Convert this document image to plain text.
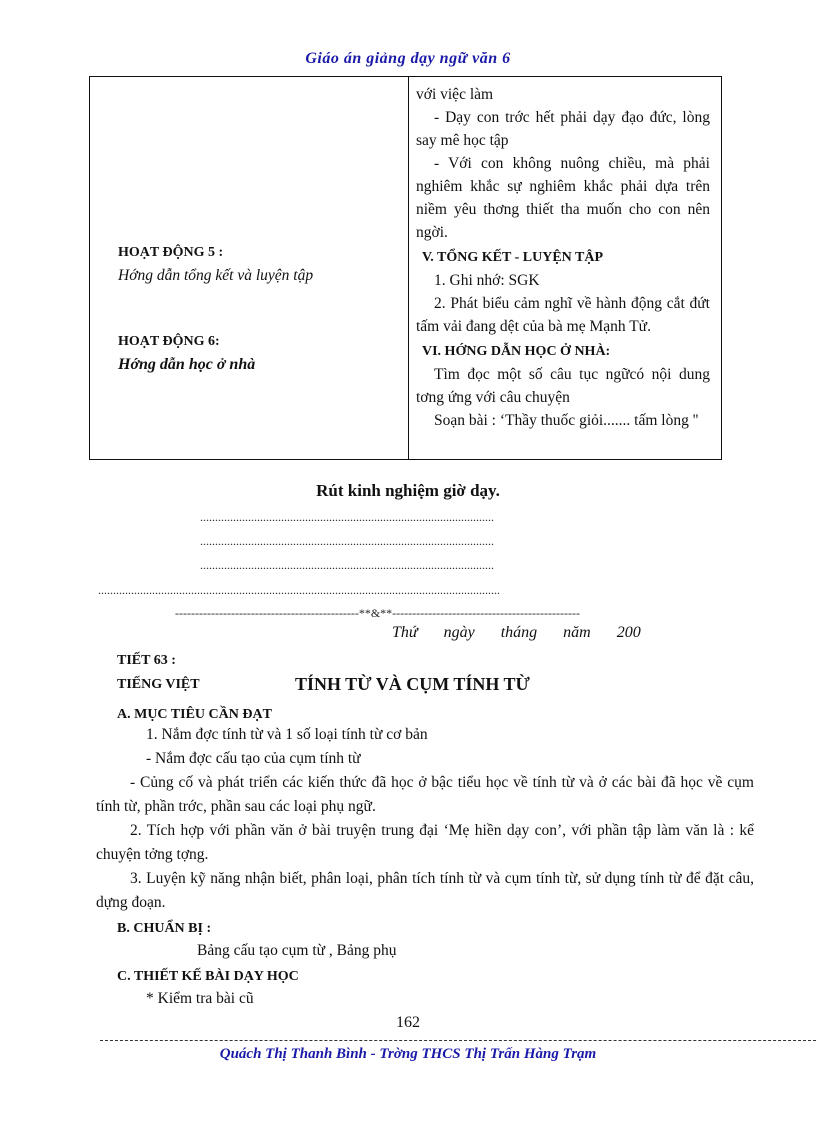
Giáo án giảng dạy ngữ văn 6
HOẠT ĐỘNG 5 :
Hớng dẫn tổng kết và luyện tập
HOẠT ĐỘNG 6:
Hớng dẫn học ở nhà

với việc làm

- Dạy con trớc hết phải dạy đạo đức, lòng say mê học tập

- Với con không nuông chiều, mà phải nghiêm khắc sự nghiêm khắc phải dựa trên niềm yêu thơng thiết tha muốn cho con nên ngời.

V. TỔNG KẾT - LUYỆN TẬP

1. Ghi nhớ: SGK

2. Phát biểu cảm nghĩ về hành động cắt đứt tấm vải đang dệt của bà mẹ Mạnh Tử.

VI. HỚNG DẪN HỌC Ở NHÀ:

Tìm đọc một số câu tục ngữcó nội dung tơng ứng với câu chuyện

Soạn bài : ‘Thầy thuốc giỏi....... tấm lòng ''

Rút kinh nghiệm giờ dạy.
..................................................................................................
..................................................................................................
..................................................................................................
......................................................................................................................................
----------------------------------------------**&**-----------------------------------------------
Thứ ngày tháng năm 200
TIẾT 63 :
TIẾNG VIỆT	TÍNH TỪ VÀ CỤM TÍNH TỪ
A. MỤC TIÊU CẦN ĐẠT

1. Nắm đợc tính từ và 1 số loại tính từ cơ bản

- Nắm đợc cấu tạo của cụm tính từ

- Củng cố và phát triển các kiến thức đã học ở bậc tiểu học về tính từ và ở các bài đã học về cụm tính từ, phần trớc, phần sau các loại phụ ngữ.

2. Tích hợp với phần văn ở bài truyện trung đại ‘Mẹ hiền dạy con’, với phần tập làm văn là : kể chuyện tởng tợng.

3. Luyện kỹ năng nhận biết, phân loại, phân tích tính từ và cụm tính từ, sử dụng tính từ để đặt câu, dựng đoạn.

B. CHUẨN BỊ :
Bảng cấu tạo cụm từ , Bảng phụ
C. THIẾT KẾ BÀI DẠY HỌC
* Kiểm tra bài cũ
162
Quách Thị Thanh Bình - Trờng THCS Thị Trấn Hàng Trạm
